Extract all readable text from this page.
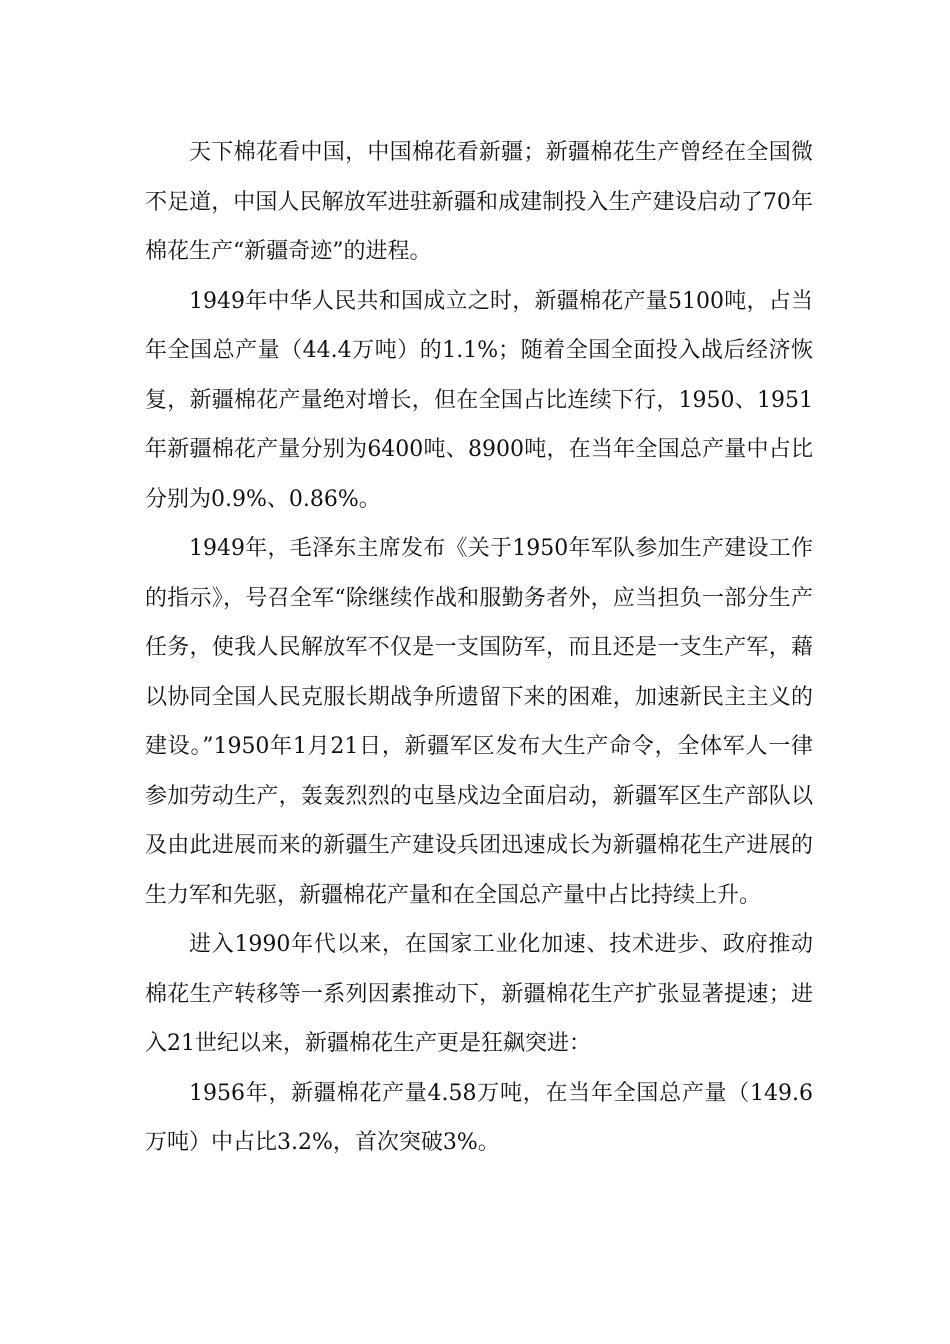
天下棉花看中国，中国棉花看新疆；新疆棉花生产曾经在全国微不足道，中国人民解放军进驻新疆和成建制投入生产建设启动了70年棉花生产“新疆奇迹”的进程。

1949年中华人民共和国成立之时，新疆棉花产量5100吨，占当年全国总产量（44.4万吨）的1.1%；随着全国全面投入战后经济恢复，新疆棉花产量绝对增长，但在全国占比连续下行，1950、1951年新疆棉花产量分别为6400吨、8900吨，在当年全国总产量中占比分别为0.9%、0.86%。

1949年，毛泽东主席发布《关于1950年军队参加生产建设工作的指示》，号召全军“除继续作战和服勤务者外，应当担负一部分生产任务，使我人民解放军不仅是一支国防军，而且还是一支生产军，藉以协同全国人民克服长期战争所遗留下来的困难，加速新民主主义的建设。”1950年1月21日，新疆军区发布大生产命令，全体军人一律参加劳动生产，轰轰烈烈的屯垦戍边全面启动，新疆军区生产部队以及由此进展而来的新疆生产建设兵团迅速成长为新疆棉花生产进展的生力军和先驱，新疆棉花产量和在全国总产量中占比持续上升。

进入1990年代以来，在国家工业化加速、技术进步、政府推动棉花生产转移等一系列因素推动下，新疆棉花生产扩张显著提速；进入21世纪以来，新疆棉花生产更是狂飙突进：

1956年，新疆棉花产量4.58万吨，在当年全国总产量（149.6万吨）中占比3.2%，首次突破3%。
